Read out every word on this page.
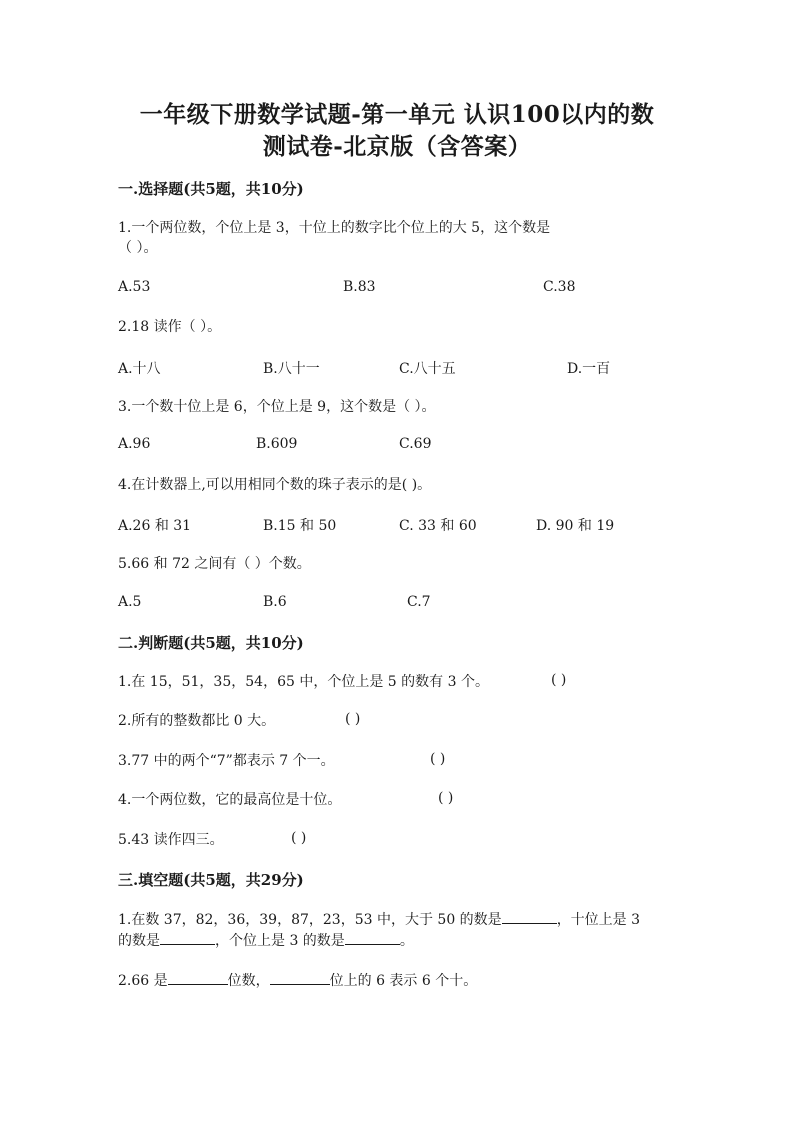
一年级下册数学试题-第一单元 认识100以内的数
测试卷-北京版（含答案）
一.选择题(共5题，共10分)
1.一个两位数，个位上是 3，十位上的数字比个位上的大 5，这个数是
（ ）。
A.53	B.83	C.38
2.18 读作（ ）。
A.十八	B.八十一	C.八十五	D.一百
3.一个数十位上是 6，个位上是 9，这个数是（ ）。
A.96	B.609	C.69
4.在计数器上,可以用相同个数的珠子表示的是( )。
A.26 和 31	B.15 和 50	C. 33 和 60	D. 90 和 19
5.66 和 72 之间有（ ）个数。
A.5	B.6	C.7
二.判断题(共5题，共10分)
1.在 15，51，35，54，65 中，个位上是 5 的数有 3 个。	( )
2.所有的整数都比 0 大。	( )
3.77 中的两个“7”都表示 7 个一。	( )
4.一个两位数，它的最高位是十位。	( )
5.43 读作四三。	( )
三.填空题(共5题，共29分)
1.在数 37，82，36，39，87，23，53 中，大于 50 的数是	，十位上是 3
的数是	，个位上是 3 的数是	。
2.66 是	位数，	位上的 6 表示 6 个十。
